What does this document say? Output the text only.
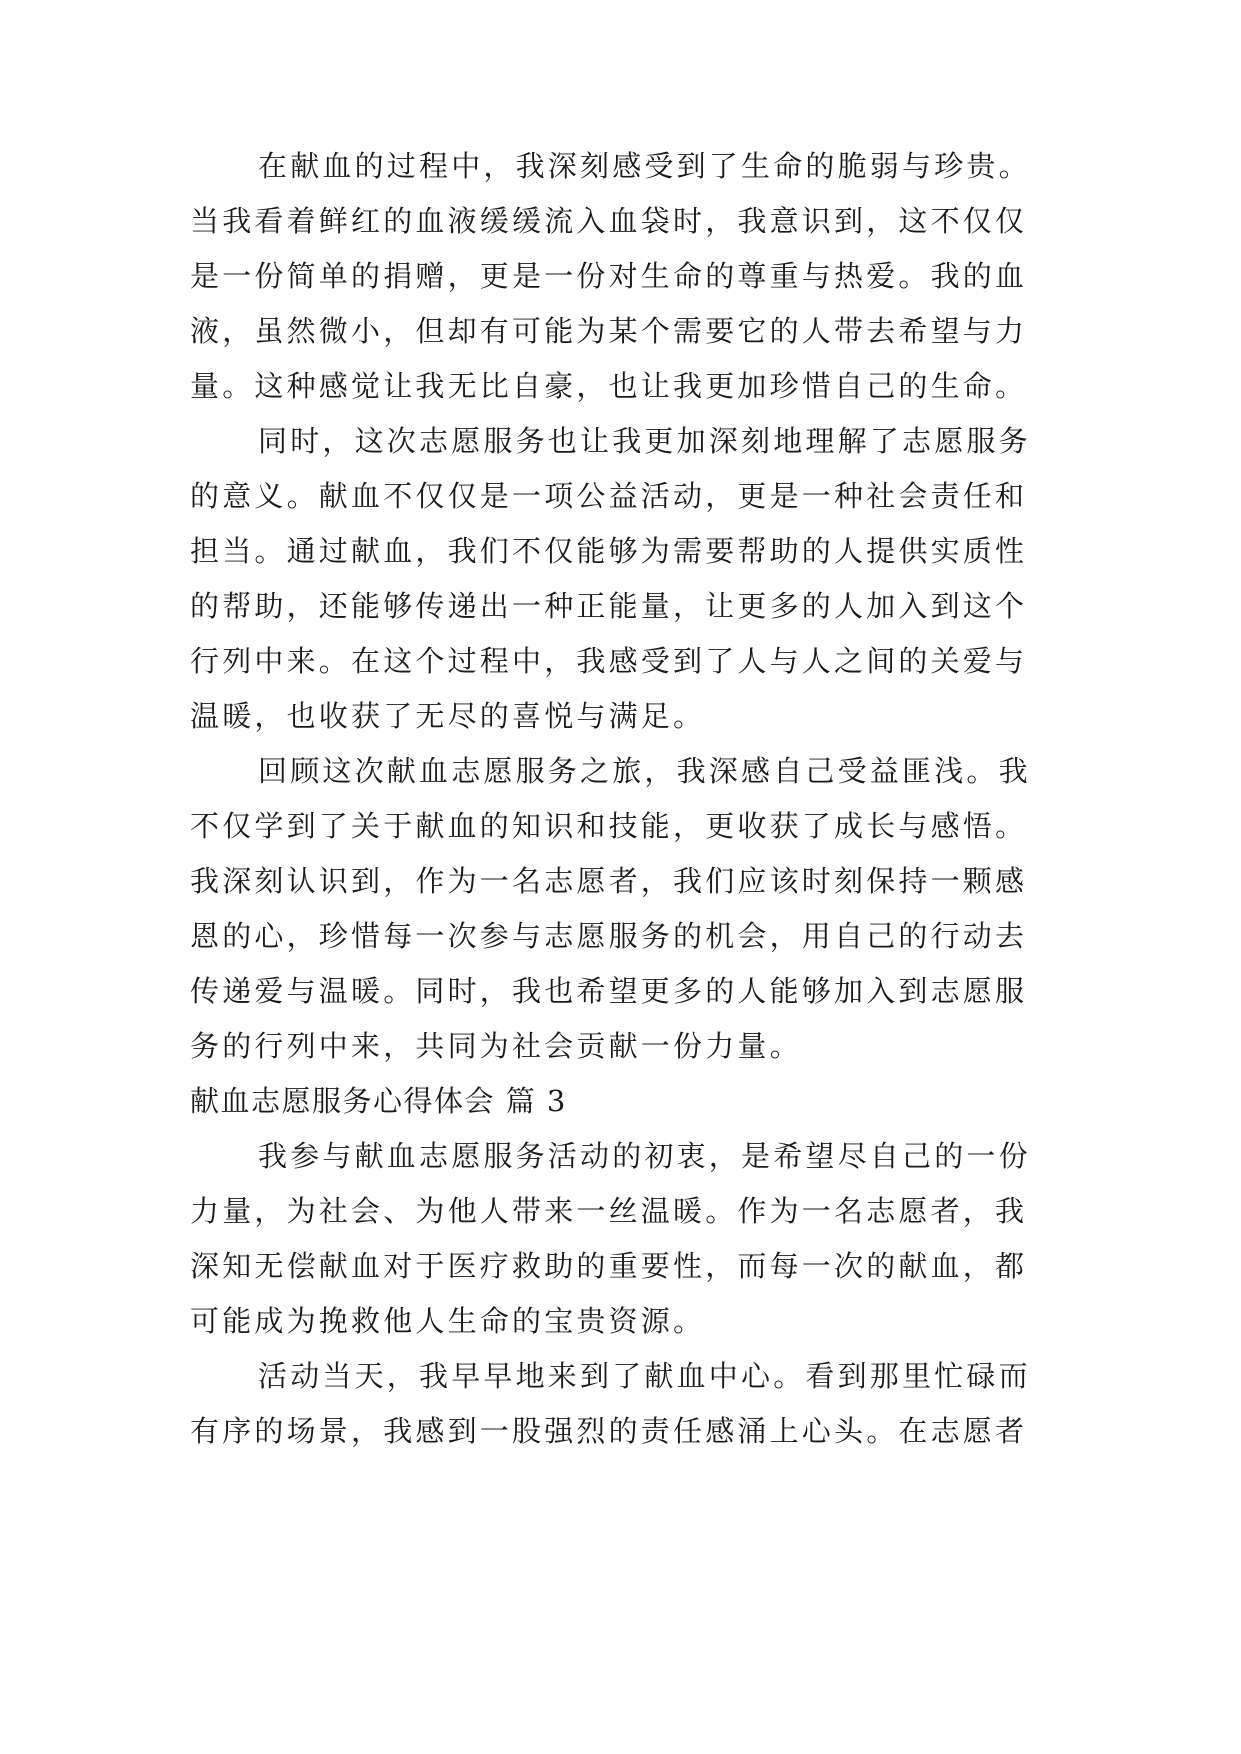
在献血的过程中，我深刻感受到了生命的脆弱与珍贵。
当我看着鲜红的血液缓缓流入血袋时，我意识到，这不仅仅
是一份简单的捐赠，更是一份对生命的尊重与热爱。我的血
液，虽然微小，但却有可能为某个需要它的人带去希望与力
量。这种感觉让我无比自豪，也让我更加珍惜自己的生命。
同时，这次志愿服务也让我更加深刻地理解了志愿服务
的意义。献血不仅仅是一项公益活动，更是一种社会责任和
担当。通过献血，我们不仅能够为需要帮助的人提供实质性
的帮助，还能够传递出一种正能量，让更多的人加入到这个
行列中来。在这个过程中，我感受到了人与人之间的关爱与
温暖，也收获了无尽的喜悦与满足。
回顾这次献血志愿服务之旅，我深感自己受益匪浅。我
不仅学到了关于献血的知识和技能，更收获了成长与感悟。
我深刻认识到，作为一名志愿者，我们应该时刻保持一颗感
恩的心，珍惜每一次参与志愿服务的机会，用自己的行动去
传递爱与温暖。同时，我也希望更多的人能够加入到志愿服
务的行列中来，共同为社会贡献一份力量。
献血志愿服务心得体会 篇 3
我参与献血志愿服务活动的初衷，是希望尽自己的一份
力量，为社会、为他人带来一丝温暖。作为一名志愿者，我
深知无偿献血对于医疗救助的重要性，而每一次的献血，都
可能成为挽救他人生命的宝贵资源。
活动当天，我早早地来到了献血中心。看到那里忙碌而
有序的场景，我感到一股强烈的责任感涌上心头。在志愿者
